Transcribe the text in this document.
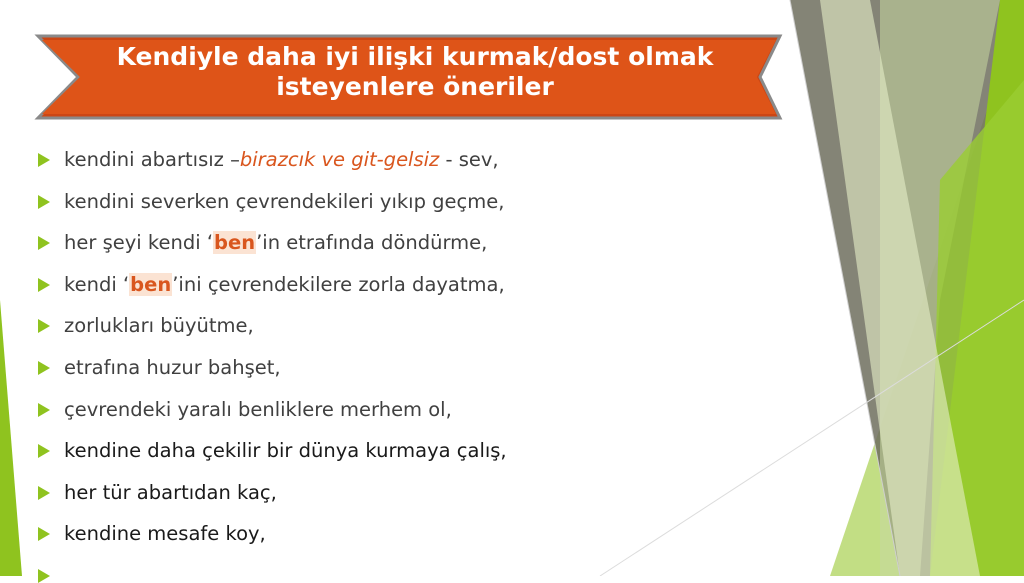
Kendiyle daha iyi ilişki kurmak/dost olmak
isteyenlere öneriler
kendini abartısız –birazcık ve git-gelsiz - sev,
kendini severken çevrendekileri yıkıp geçme,
her şeyi kendi ‘ben’in etrafında döndürme,
kendi ‘ben’ini çevrendekilere zorla dayatma,
zorlukları büyütme,
etrafına huzur bahşet,
çevrendeki yaralı benliklere merhem ol,
kendine daha çekilir bir dünya kurmaya çalış,
her tür abartıdan kaç,
kendine mesafe koy,
